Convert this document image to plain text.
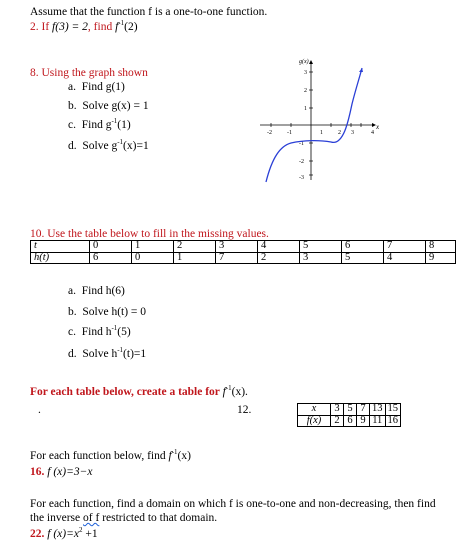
Assume that the function f is a one-to-one function.
2. If f(3) = 2, find $f^{-1}(2)$
8. Using the graph shown
a. Find g(1)
b. Solve g(x) = 1
c. Find $g^{-1}(1)$
d. Solve $g^{-1}(x)=1$
g(x)
x
-2	-1	1	2 3	4
3
2
1
-1
-2
-3
10. Use the table below to fill in the missing values.
t	0	1	2	3	4	5	6	7	8
h(t)	6	0	1	7	2	3	5	4	9
a. Find h(6)
b. Solve h(t) = 0
c. Find $h^{-1}(5)$
d. Solve $h^{-1}(t)=1$
For each table below, create a table for $f^{-1}(x)$.
.	12.	x	3	5	7	13	15
f(x)	2	6	9	11	16
For each function below, find $f^{-1}(x)$
16. f (x)=3−x
For each function, find a domain on which f is one-to-one and non-decreasing, then find
the inverse of f restricted to that domain.
22. f $(x)=x^2 +1$
